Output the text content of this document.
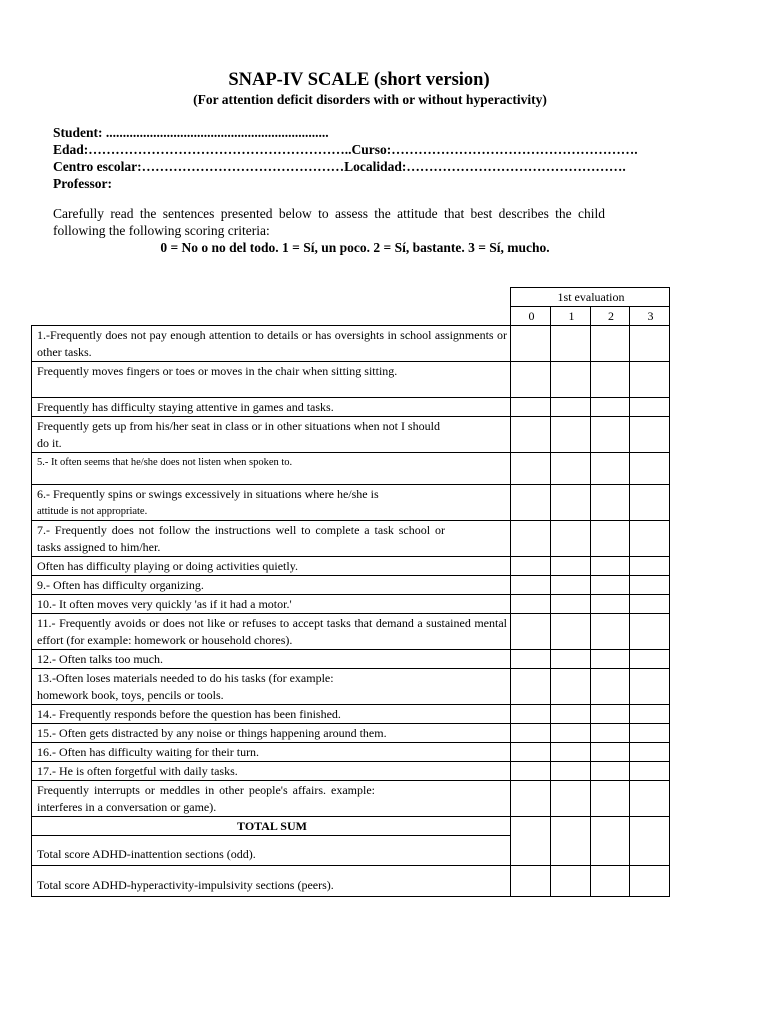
SNAP-IV SCALE (short version)
(For attention deficit disorders with or without hyperactivity)
Student: ..................................................................
Edad:…………………………………………………..Curso:……………………………………………….
Centro escolar:………………………………………Localidad:………………………………………….
Professor:
Carefully read the sentences presented below to assess the attitude that best describes the child following the following scoring criteria:
0 = No o no del todo. 1 = Sí, un poco. 2 = Sí, bastante. 3 = Sí, mucho.
	1st evaluation			
	0	1	2	3
1.-Frequently does not pay enough attention to details or has oversights in school assignments or other tasks.				
Frequently moves fingers or toes or moves in the chair when sitting sitting.				
Frequently has difficulty staying attentive in games and tasks.				
Frequently gets up from his/her seat in class or in other situations when not I should do it.				
5.- It often seems that he/she does not listen when spoken to.				

6.- Frequently spins or swings excessively in situations where he/she is
attitude is not appropriate.				

7.- Frequently does not follow the instructions well to complete a task school or tasks assigned to him/her.				
Often has difficulty playing or doing activities quietly.				
9.- Often has difficulty organizing.				
10.- It often moves very quickly 'as if it had a motor.'				
11.- Frequently avoids or does not like or refuses to accept tasks that demand a sustained mental effort (for example: homework or household chores).				
12.- Often talks too much.				

13.-Often loses materials needed to do his tasks (for example:
homework book, toys, pencils or tools.				

14.- Frequently responds before the question has been finished.				
15.- Often gets distracted by any noise or things happening around them.				
16.- Often has difficulty waiting for their turn.				
17.- He is often forgetful with daily tasks.				
Frequently interrupts or meddles in other people's affairs. example: interferes in a conversation or game).				
TOTAL SUM				
Total score ADHD-inattention sections (odd).				
Total score ADHD-hyperactivity-impulsivity sections (peers).				
